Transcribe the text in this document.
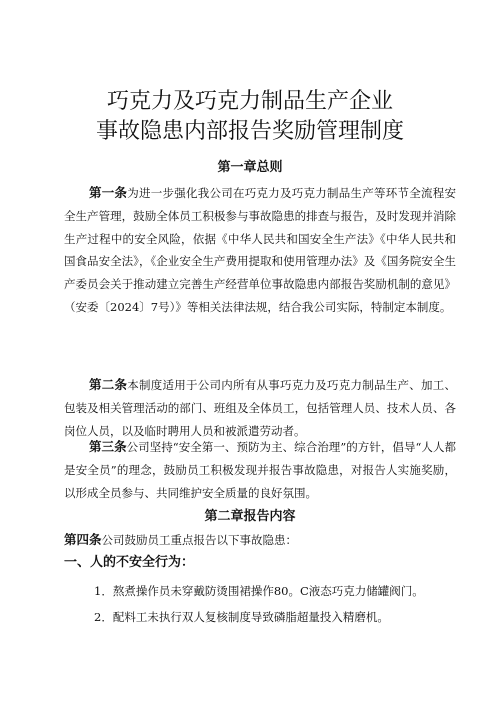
巧克力及巧克力制品生产企业
事故隐患内部报告奖励管理制度
第一章总则
第一条为进一步强化我公司在巧克力及巧克力制品生产等环节全流程安全生产管理，鼓励全体员工积极参与事故隐患的排查与报告，及时发现并消除生产过程中的安全风险，依据《中华人民共和国安全生产法》《中华人民共和国食品安全法》，《企业安全生产费用提取和使用管理办法》及《国务院安全生产委员会关于推动建立完善生产经营单位事故隐患内部报告奖励机制的意见》（安委〔2024〕7号）》等相关法律法规，结合我公司实际，特制定本制度。
第二条本制度适用于公司内所有从事巧克力及巧克力制品生产、加工、包装及相关管理活动的部门、班组及全体员工，包括管理人员、技术人员、各岗位人员，以及临时聘用人员和被派遣劳动者。
第三条公司坚持“安全第一、预防为主、综合治理”的方针，倡导“人人都是安全员”的理念，鼓励员工积极发现并报告事故隐患，对报告人实施奖励，以形成全员参与、共同维护安全质量的良好氛围。
第二章报告内容
第四条公司鼓励员工重点报告以下事故隐患：
一、人的不安全行为：
1．熬煮操作员未穿戴防烫围裙操作80。C液态巧克力储罐阀门。
2．配料工未执行双人复核制度导致磷脂超量投入精磨机。
